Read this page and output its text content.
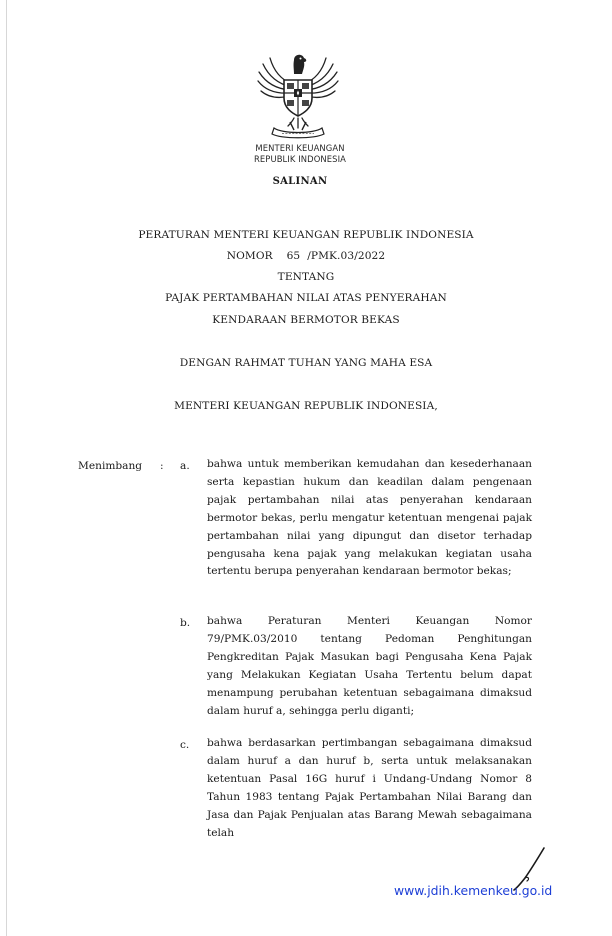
MENTERI KEUANGAN
REPUBLIK INDONESIA
SALINAN
PERATURAN MENTERI KEUANGAN REPUBLIK INDONESIA
NOMOR    65  /PMK.03/2022
TENTANG
PAJAK PERTAMBAHAN NILAI ATAS PENYERAHAN
KENDARAAN BERMOTOR BEKAS
DENGAN RAHMAT TUHAN YANG MAHA ESA
MENTERI KEUANGAN REPUBLIK INDONESIA,
Menimbang : a. bahwa untuk memberikan kemudahan dan kesederhanaan serta kepastian hukum dan keadilan dalam pengenaan pajak pertambahan nilai atas penyerahan kendaraan bermotor bekas, perlu mengatur ketentuan mengenai pajak pertambahan nilai yang dipungut dan disetor terhadap pengusaha kena pajak yang melakukan kegiatan usaha tertentu berupa penyerahan kendaraan bermotor bekas;
b. bahwa Peraturan Menteri Keuangan Nomor 79/PMK.03/2010 tentang Pedoman Penghitungan Pengkreditan Pajak Masukan bagi Pengusaha Kena Pajak yang Melakukan Kegiatan Usaha Tertentu belum dapat menampung perubahan ketentuan sebagaimana dimaksud dalam huruf a, sehingga perlu diganti;
c. bahwa berdasarkan pertimbangan sebagaimana dimaksud dalam huruf a dan huruf b, serta untuk melaksanakan ketentuan Pasal 16G huruf i Undang-Undang Nomor 8 Tahun 1983 tentang Pajak Pertambahan Nilai Barang dan Jasa dan Pajak Penjualan atas Barang Mewah sebagaimana telah
www.jdih.kemenkeu.go.id
